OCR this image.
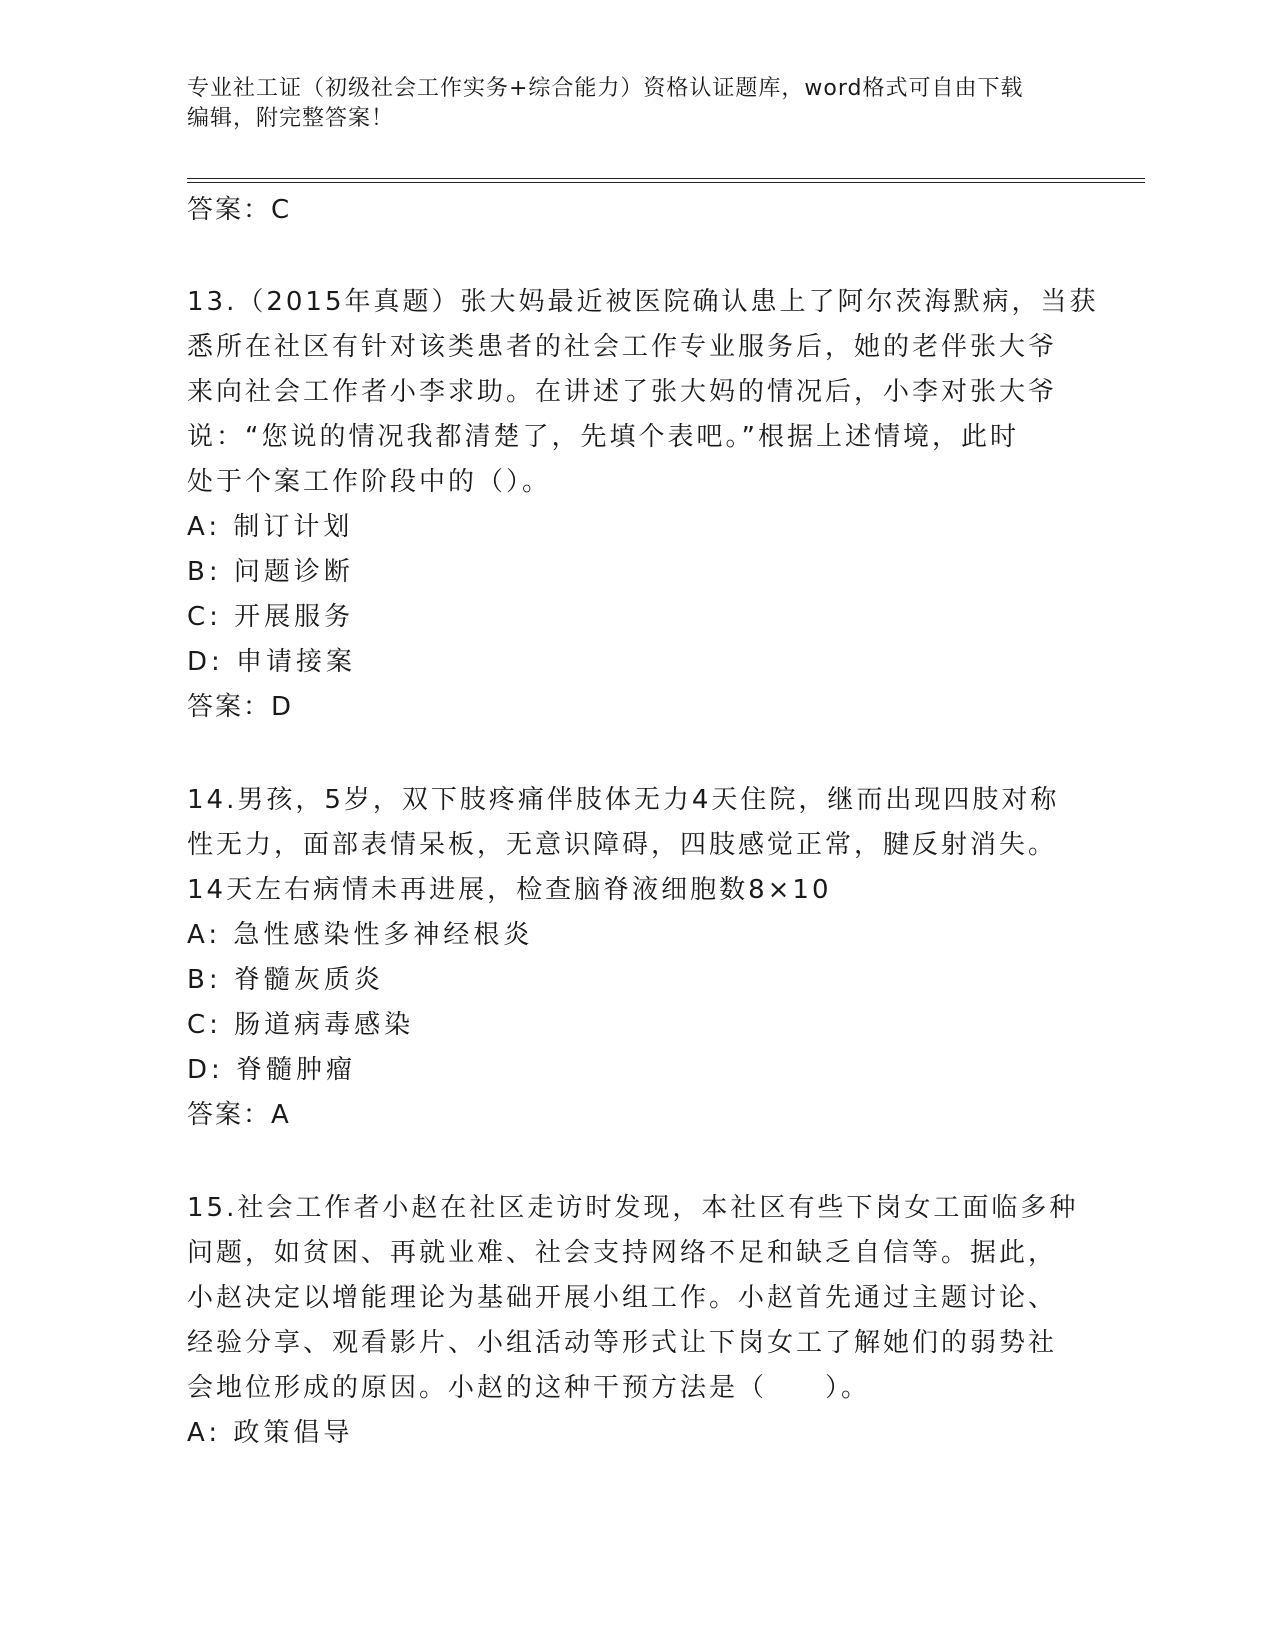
专业社工证（初级社会工作实务+综合能力）资格认证题库，word格式可自由下载
编辑，附完整答案！
答案：C
13.（2015年真题）张大妈最近被医院确认患上了阿尔茨海默病，当获
悉所在社区有针对该类患者的社会工作专业服务后，她的老伴张大爷
来向社会工作者小李求助。在讲述了张大妈的情况后，小李对张大爷
说：“您说的情况我都清楚了，先填个表吧。”根据上述情境，此时
处于个案工作阶段中的（）。
A: 制订计划
B: 问题诊断
C: 开展服务
D: 申请接案
答案：D
14.男孩，5岁，双下肢疼痛伴肢体无力4天住院，继而出现四肢对称
性无力，面部表情呆板，无意识障碍，四肢感觉正常，腱反射消失。
14天左右病情未再进展，检查脑脊液细胞数8×10
A: 急性感染性多神经根炎
B: 脊髓灰质炎
C: 肠道病毒感染
D: 脊髓肿瘤
答案：A
15.社会工作者小赵在社区走访时发现，本社区有些下岗女工面临多种
问题，如贫困、再就业难、社会支持网络不足和缺乏自信等。据此，
小赵决定以增能理论为基础开展小组工作。小赵首先通过主题讨论、
经验分享、观看影片、小组活动等形式让下岗女工了解她们的弱势社
会地位形成的原因。小赵的这种干预方法是（　　）。
A: 政策倡导
